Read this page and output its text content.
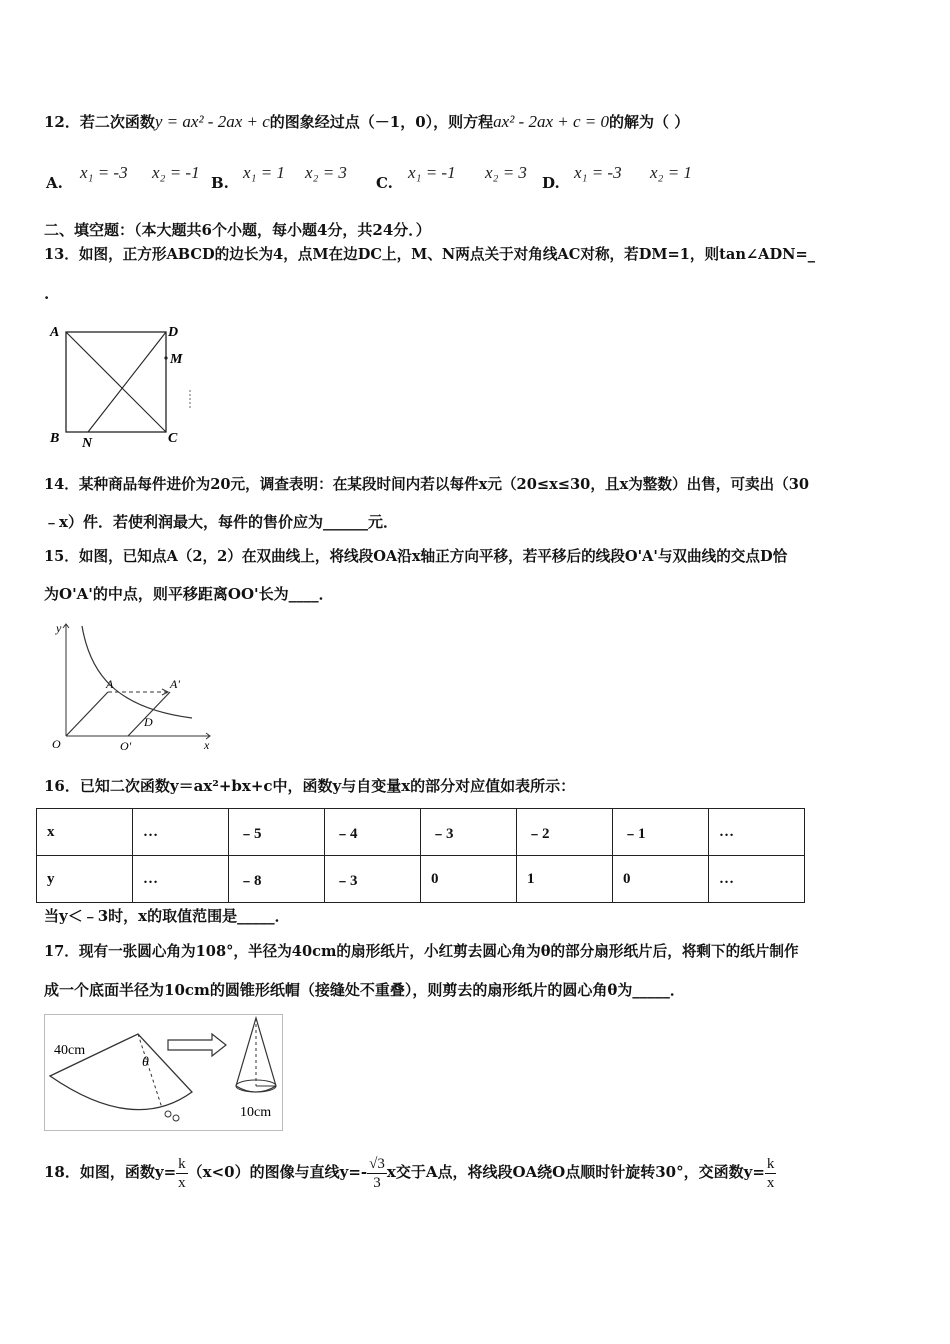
12．若二次函数y = ax² - 2ax + c的图象经过点（－1，0），则方程ax² - 2ax + c = 0的解为（ ）
A.
x₁ = -3 x₂ = -1
B.
x₁ = 1 x₂ = 3
C.
x₁ = -1 x₂ = 3
D.
x₁ = -3 x₂ = 1
二、填空题：（本大题共6个小题，每小题4分，共24分．）
13．如图，正方形ABCD的边长为4，点M在边DC上，M、N两点关于对角线AC对称，若DM=1，则tan∠ADN=_
.
A	D
M
B N	C
14．某种商品每件进价为20元，调查表明：在某段时间内若以每件x元（20≤x≤30，且x为整数）出售，可卖出（30
﹣x）件．若使利润最大，每件的售价应为______元．
15．如图，已知点A（2，2）在双曲线上，将线段OA沿x轴正方向平移，若平移后的线段O'A'与双曲线的交点D恰
为O'A'的中点，则平移距离OO'长为____．
y
x
O	O'
A	A'
D
16．已知二次函数y＝ax²+bx+c中，函数y与自变量x的部分对应值如表所示：
x	…	﹣5	﹣4	﹣3	﹣2	﹣1	…
y	…	﹣8	﹣3	0	1	0	…
当y＜﹣3时，x的取值范围是_____．
17．现有一张圆心角为108°，半径为40cm的扇形纸片，小红剪去圆心角为θ的部分扇形纸片后，将剩下的纸片制作
成一个底面半径为10cm的圆锥形纸帽（接缝处不重叠），则剪去的扇形纸片的圆心角θ为_____．
40cm
θ
10cm
18．如图，函数$y= \frac{k}{x} (x<0)$的图像与直线$y=- \frac{√3}{3}$ x交于A点，将线段OA绕O点顺时针旋转30°，交函数$y= \frac{k}{x}$
